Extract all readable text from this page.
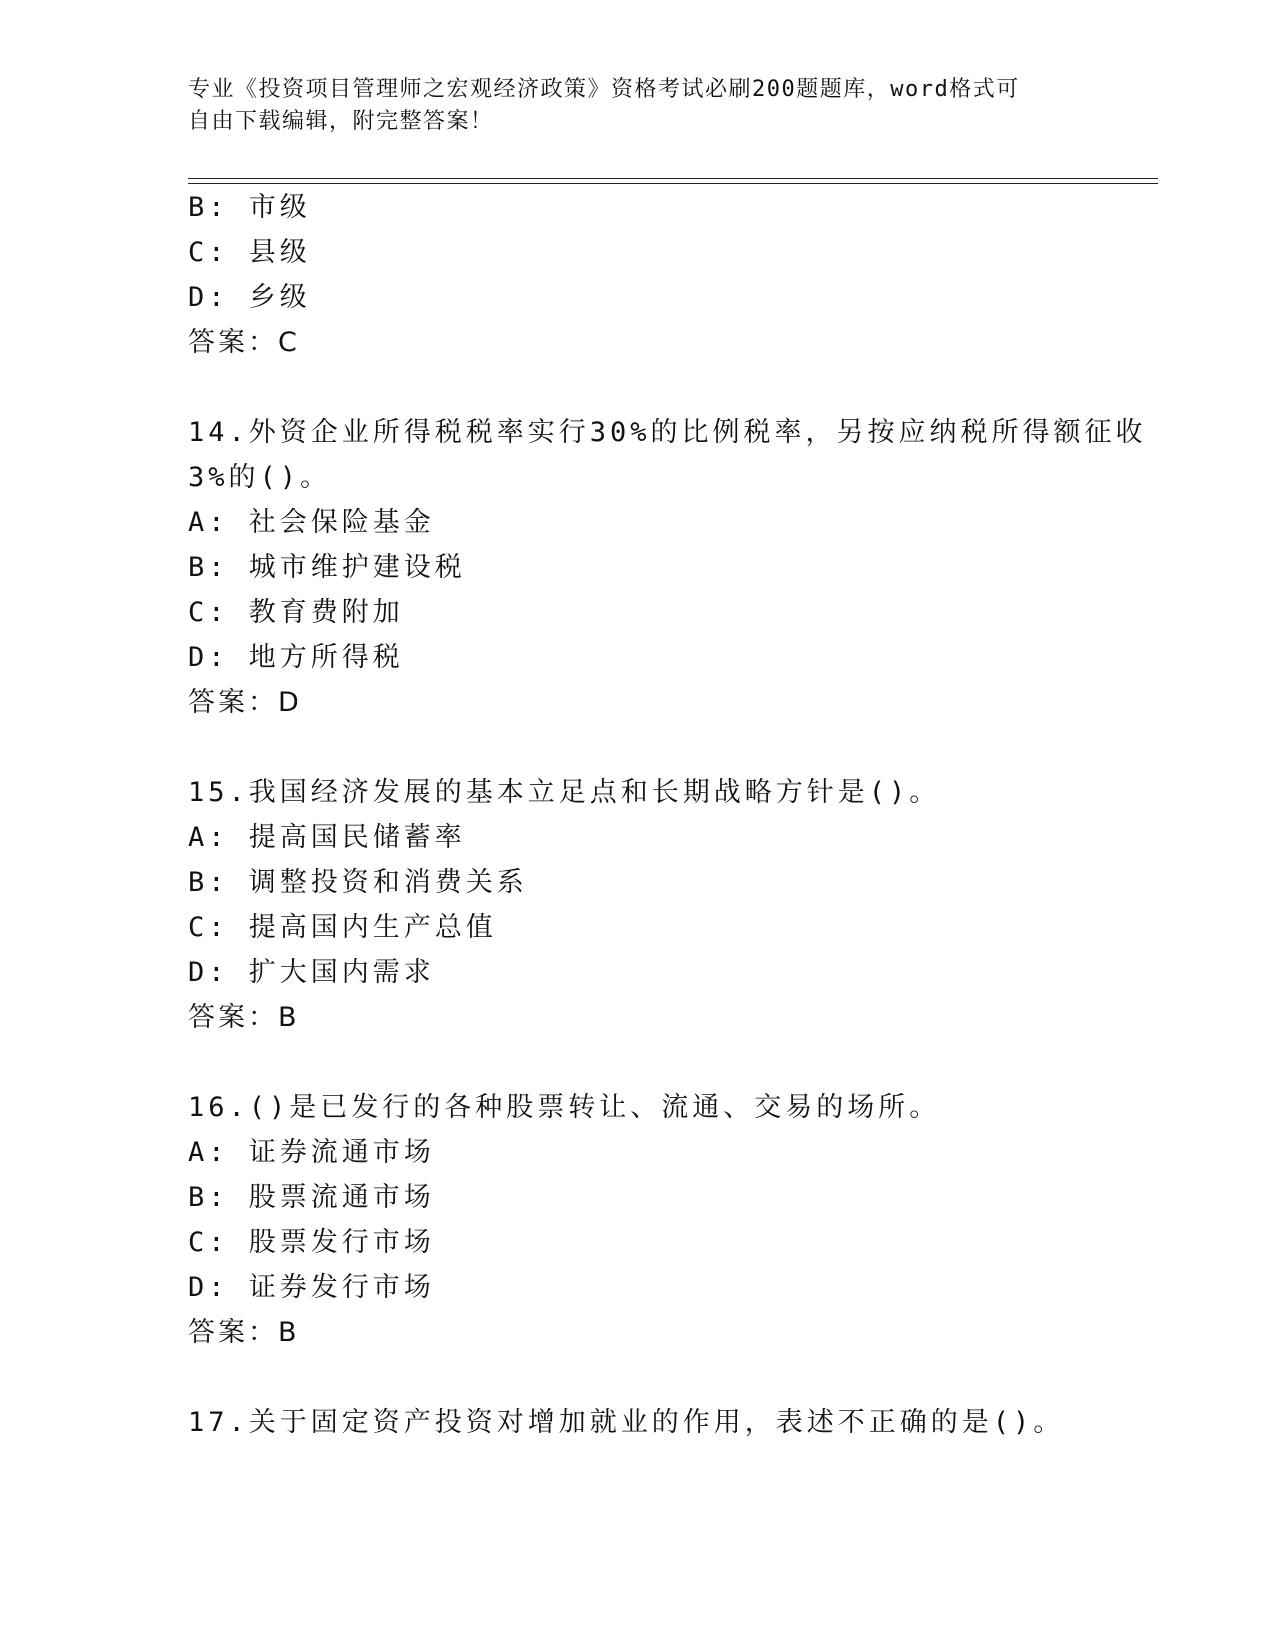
专业《投资项目管理师之宏观经济政策》资格考试必刷200题题库，word格式可
自由下载编辑，附完整答案！
B: 市级
C: 县级
D: 乡级
答案：C
14.外资企业所得税税率实行30%的比例税率，另按应纳税所得额征收
3%的()。
A: 社会保险基金
B: 城市维护建设税
C: 教育费附加
D: 地方所得税
答案：D
15.我国经济发展的基本立足点和长期战略方针是()。
A: 提高国民储蓄率
B: 调整投资和消费关系
C: 提高国内生产总值
D: 扩大国内需求
答案：B
16.()是已发行的各种股票转让、流通、交易的场所。
A: 证券流通市场
B: 股票流通市场
C: 股票发行市场
D: 证券发行市场
答案：B
17.关于固定资产投资对增加就业的作用，表述不正确的是()。
